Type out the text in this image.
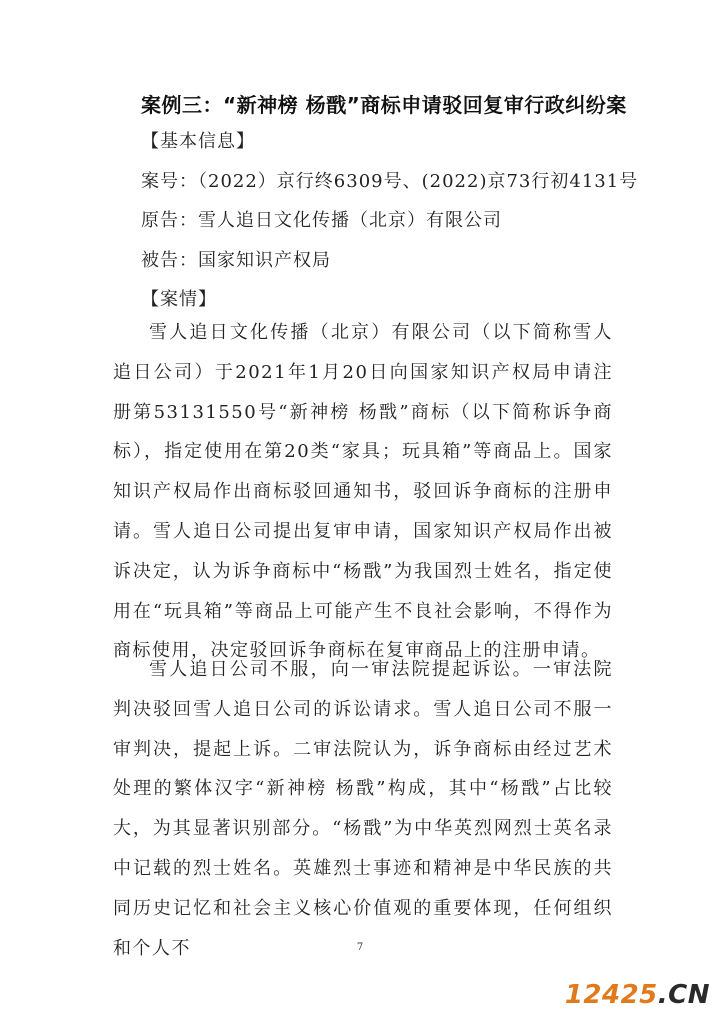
案例三：“新神榜 杨戬”商标申请驳回复审行政纠纷案
【基本信息】
案号：（2022）京行终6309号、(2022)京73行初4131号
原告：雪人追日文化传播（北京）有限公司
被告：国家知识产权局
【案情】
雪人追日文化传播（北京）有限公司（以下简称雪人追日公司）于2021年1月20日向国家知识产权局申请注册第53131550号“新神榜 杨戬”商标（以下简称诉争商标），指定使用在第20类“家具；玩具箱”等商品上。国家知识产权局作出商标驳回通知书，驳回诉争商标的注册申请。雪人追日公司提出复审申请，国家知识产权局作出被诉决定，认为诉争商标中“杨戬”为我国烈士姓名，指定使用在“玩具箱”等商品上可能产生不良社会影响，不得作为商标使用，决定驳回诉争商标在复审商品上的注册申请。
雪人追日公司不服，向一审法院提起诉讼。一审法院判决驳回雪人追日公司的诉讼请求。雪人追日公司不服一审判决，提起上诉。二审法院认为，诉争商标由经过艺术处理的繁体汉字“新神榜 杨戬”构成，其中“杨戬”占比较大，为其显著识别部分。“杨戬”为中华英烈网烈士英名录中记载的烈士姓名。英雄烈士事迹和精神是中华民族的共同历史记忆和社会主义核心价值观的重要体现，任何组织和个人不	7
12425.CN
